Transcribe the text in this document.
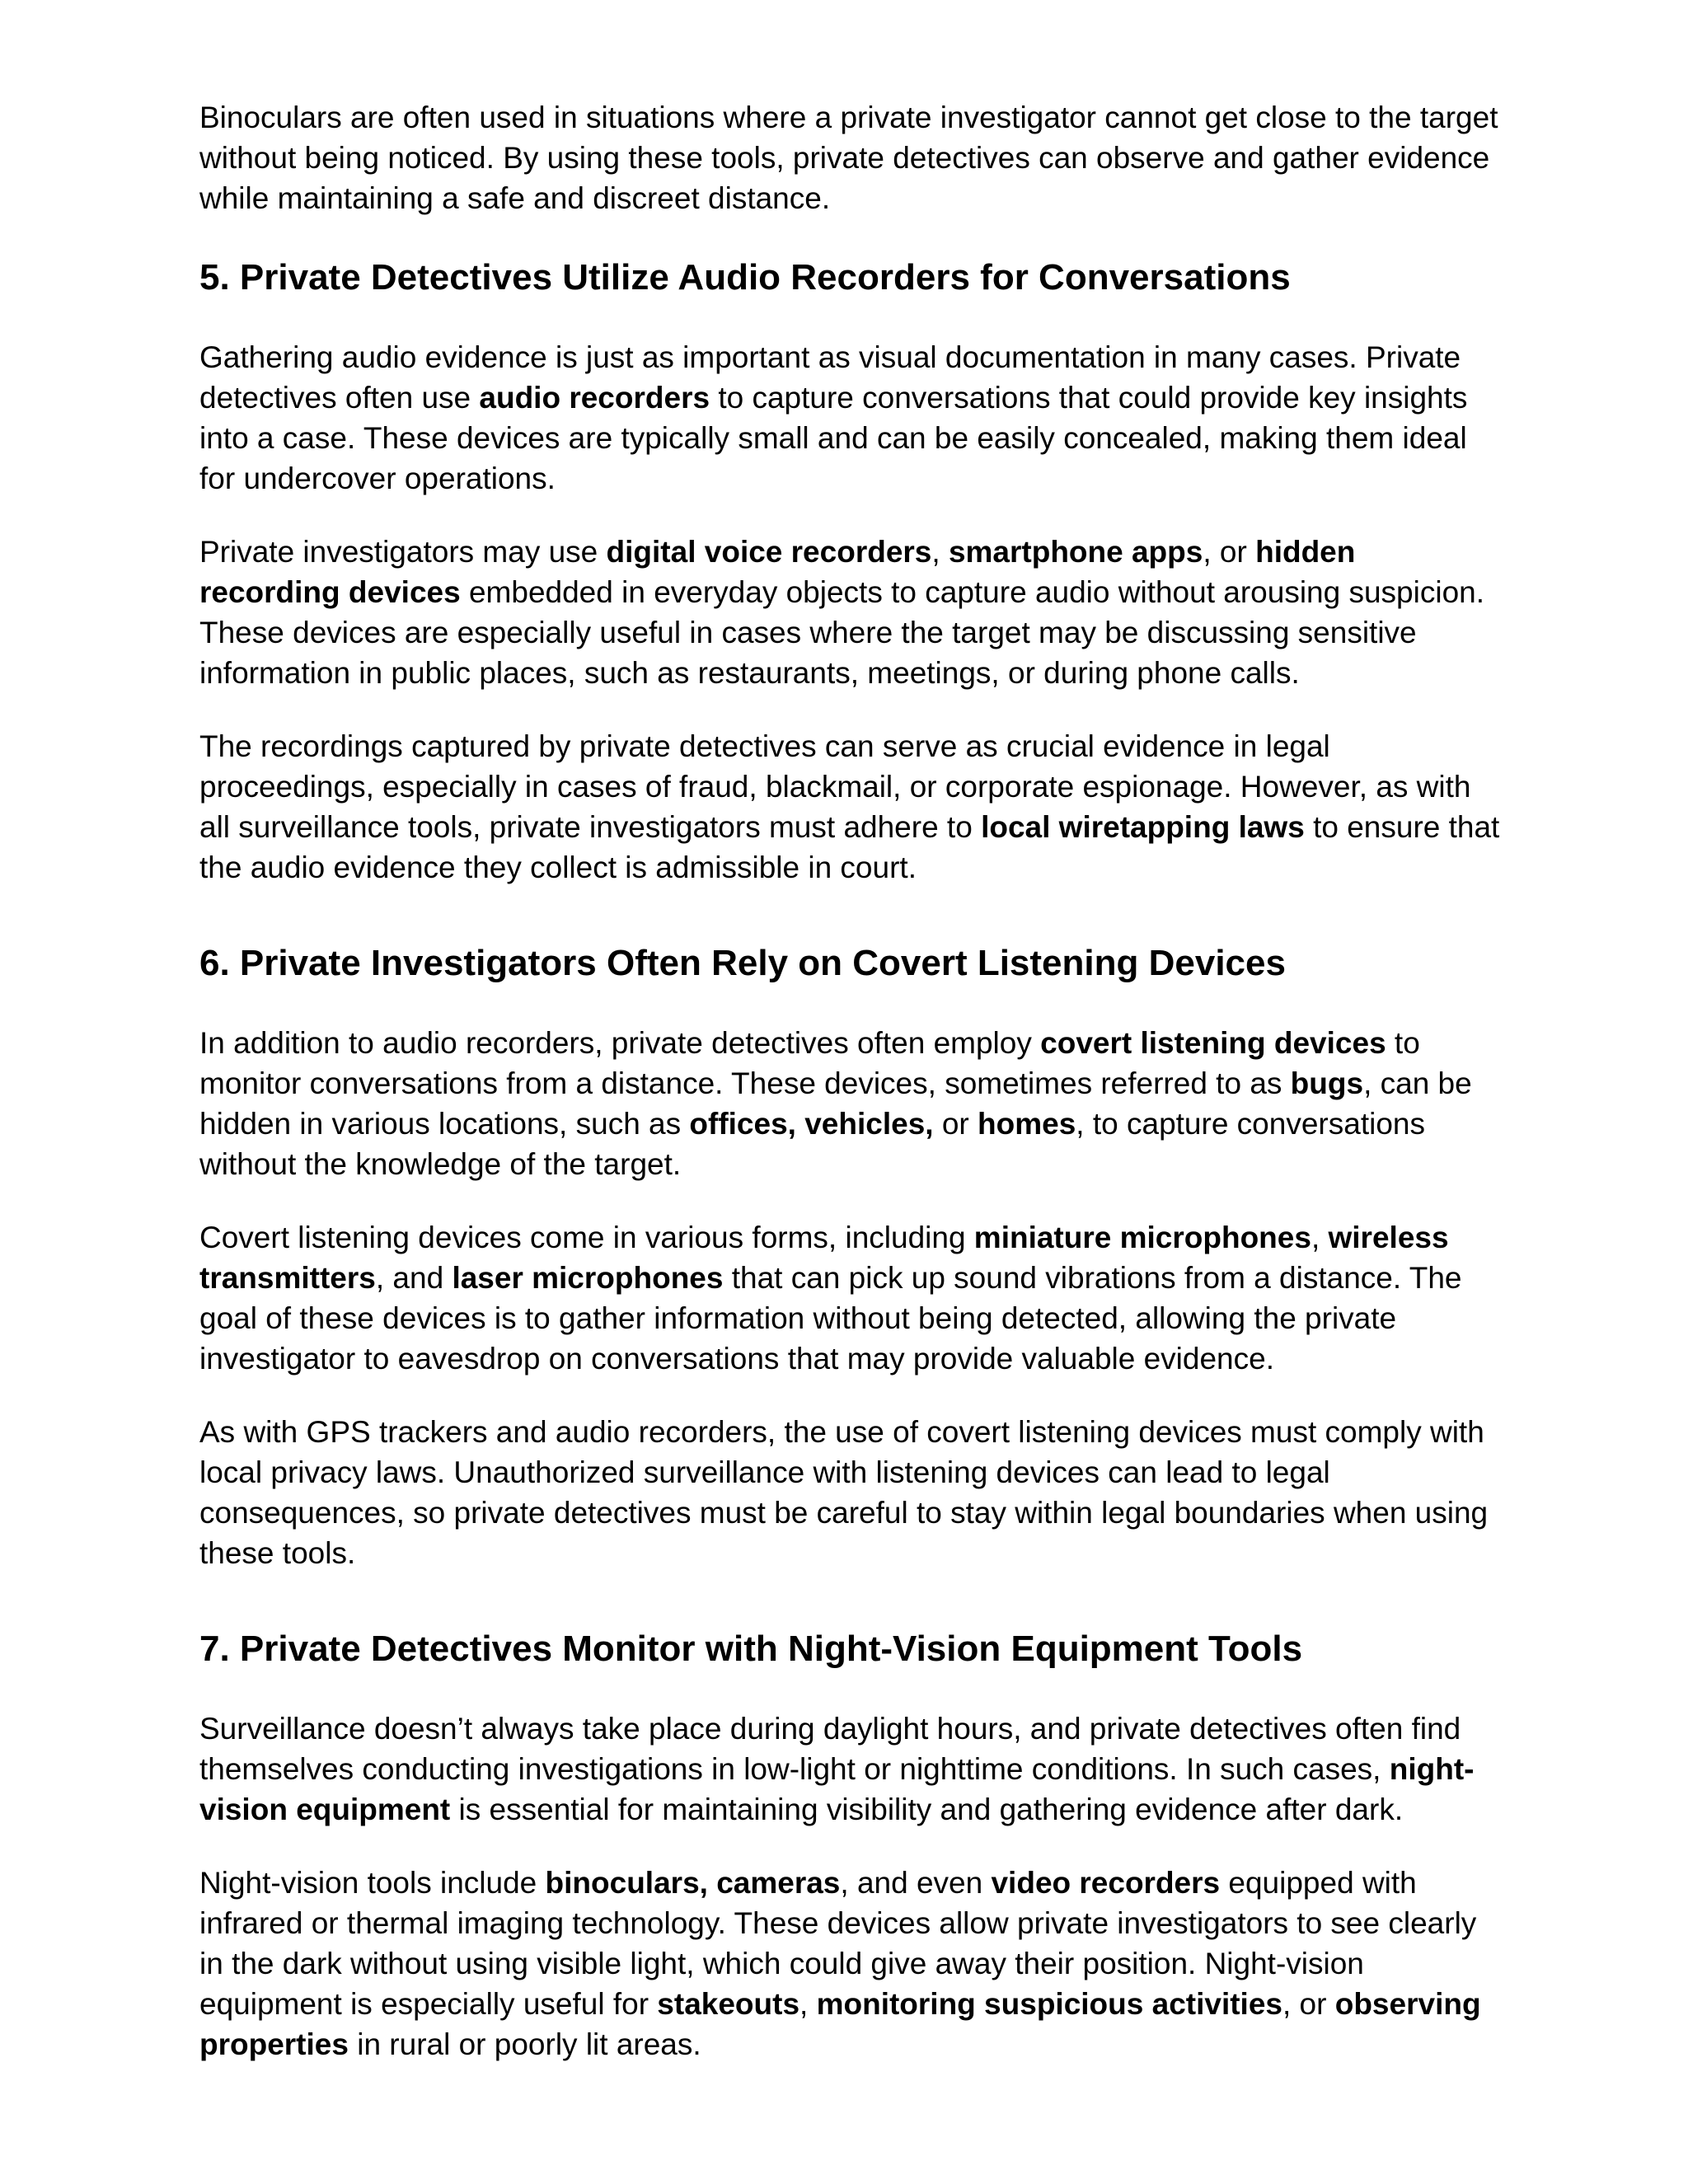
Binoculars are often used in situations where a private investigator cannot get close to the target without being noticed. By using these tools, private detectives can observe and gather evidence while maintaining a safe and discreet distance.

5. Private Detectives Utilize Audio Recorders for Conversations

Gathering audio evidence is just as important as visual documentation in many cases. Private detectives often use audio recorders to capture conversations that could provide key insights into a case. These devices are typically small and can be easily concealed, making them ideal for undercover operations.

Private investigators may use digital voice recorders, smartphone apps, or hidden recording devices embedded in everyday objects to capture audio without arousing suspicion. These devices are especially useful in cases where the target may be discussing sensitive information in public places, such as restaurants, meetings, or during phone calls.

The recordings captured by private detectives can serve as crucial evidence in legal proceedings, especially in cases of fraud, blackmail, or corporate espionage. However, as with all surveillance tools, private investigators must adhere to local wiretapping laws to ensure that the audio evidence they collect is admissible in court.

6. Private Investigators Often Rely on Covert Listening Devices

In addition to audio recorders, private detectives often employ covert listening devices to monitor conversations from a distance. These devices, sometimes referred to as bugs, can be hidden in various locations, such as offices, vehicles, or homes, to capture conversations without the knowledge of the target.

Covert listening devices come in various forms, including miniature microphones, wireless transmitters, and laser microphones that can pick up sound vibrations from a distance. The goal of these devices is to gather information without being detected, allowing the private investigator to eavesdrop on conversations that may provide valuable evidence.

As with GPS trackers and audio recorders, the use of covert listening devices must comply with local privacy laws. Unauthorized surveillance with listening devices can lead to legal consequences, so private detectives must be careful to stay within legal boundaries when using these tools.

7. Private Detectives Monitor with Night-Vision Equipment Tools

Surveillance doesn’t always take place during daylight hours, and private detectives often find themselves conducting investigations in low-light or nighttime conditions. In such cases, night-vision equipment is essential for maintaining visibility and gathering evidence after dark.

Night-vision tools include binoculars, cameras, and even video recorders equipped with infrared or thermal imaging technology. These devices allow private investigators to see clearly in the dark without using visible light, which could give away their position. Night-vision equipment is especially useful for stakeouts, monitoring suspicious activities, or observing properties in rural or poorly lit areas.
